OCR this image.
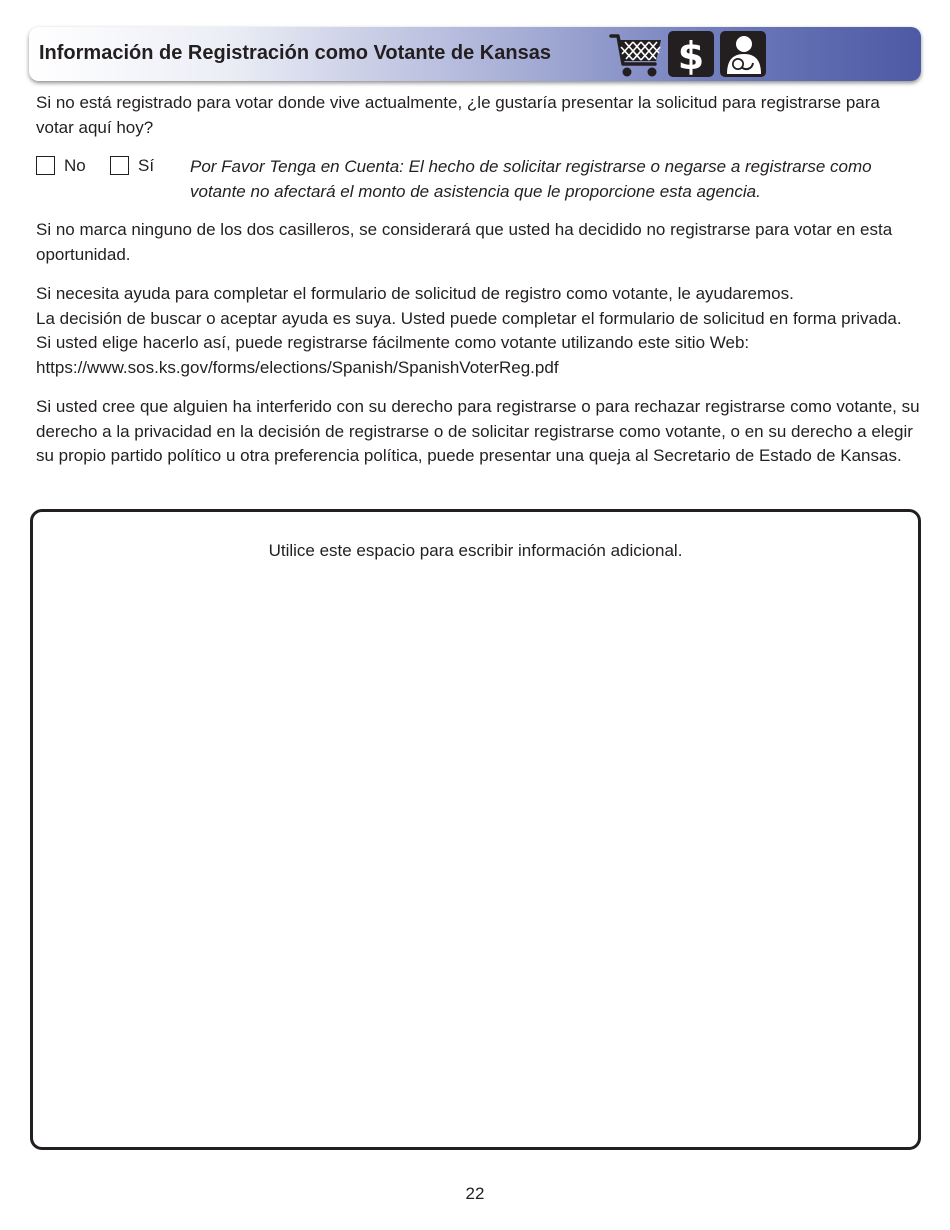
Información de Registración como Votante de Kansas	$
Si no está registrado para votar donde vive actualmente, ¿le gustaría presentar la solicitud para registrarse para votar aquí hoy?
No	Sí Por Favor Tenga en Cuenta: El hecho de solicitar registrarse o negarse a registrarse como votante no afectará el monto de asistencia que le proporcione esta agencia.
Si no marca ninguno de los dos casilleros, se considerará que usted ha decidido no registrarse para votar en esta oportunidad.
Si necesita ayuda para completar el formulario de solicitud de registro como votante, le ayudaremos.
La decisión de buscar o aceptar ayuda es suya. Usted puede completar el formulario de solicitud en forma privada. Si usted elige hacerlo así, puede registrarse fácilmente como votante utilizando este sitio Web:
https://www.sos.ks.gov/forms/elections/Spanish/SpanishVoterReg.pdf
Si usted cree que alguien ha interferido con su derecho para registrarse o para rechazar registrarse como votante, su derecho a la privacidad en la decisión de registrarse o de solicitar registrarse como votante, o en su derecho a elegir su propio partido político u otra preferencia política, puede presentar una queja al Secretario de Estado de Kansas.
Utilice este espacio para escribir información adicional.
22
